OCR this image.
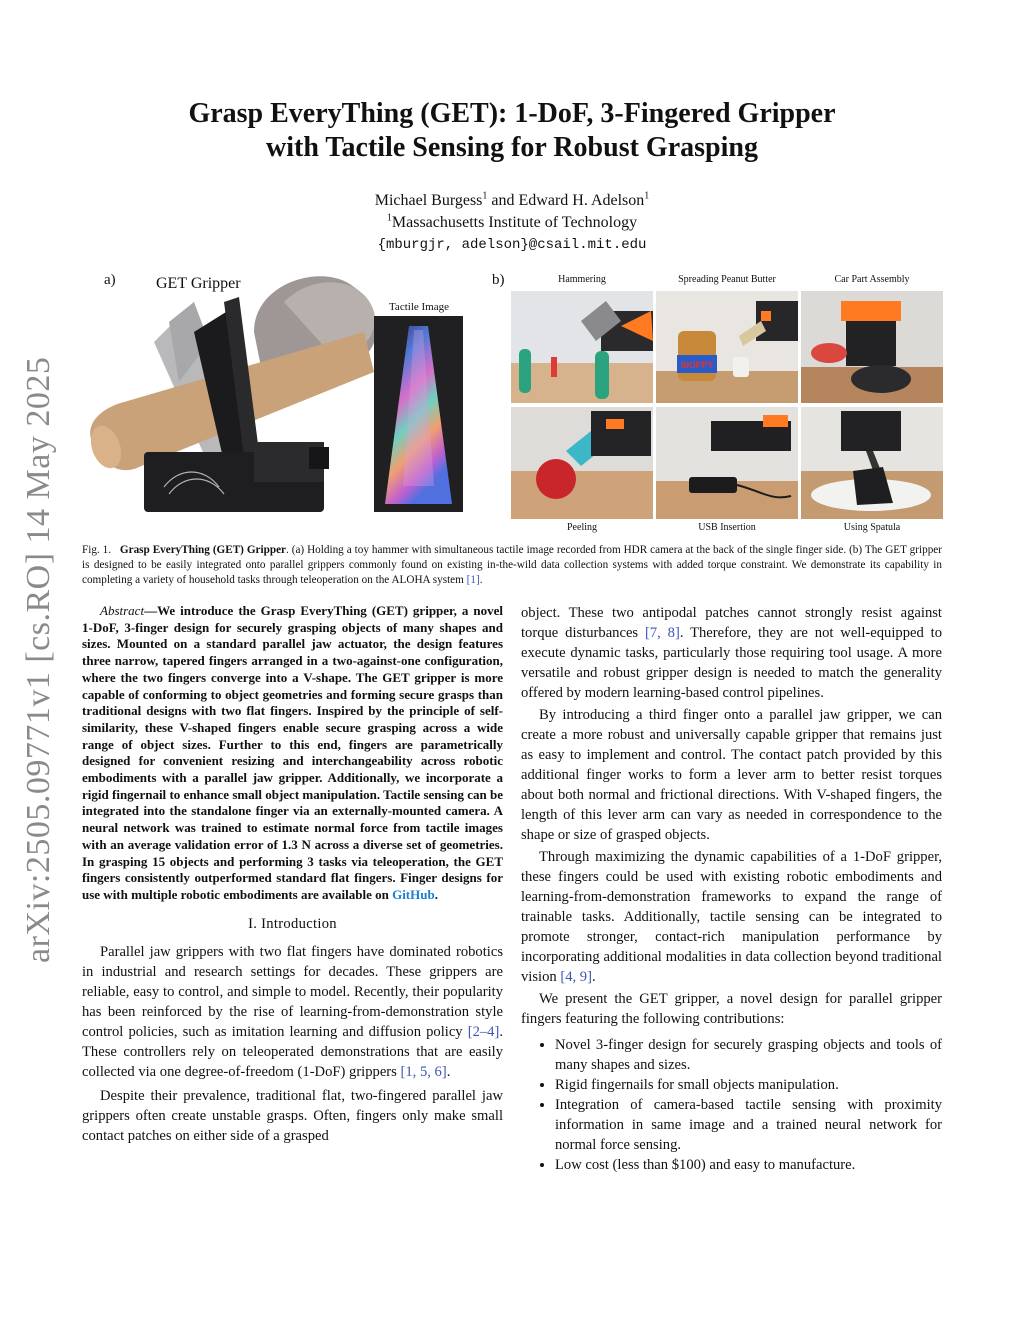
arXiv:2505.09771v1 [cs.RO] 14 May 2025
Grasp EveryThing (GET): 1-DoF, 3-Fingered Gripper
with Tactile Sensing for Robust Grasping
Michael Burgess$^1$ and Edward H. Adelson$^1$
$^1$Massachusetts Institute of Technology
{mburgjr, adelson}@csail.mit.edu
a)	GET Gripper
Tactile Image
b)	Hammering	Spreading Peanut Butter	Car Part Assembly
SKIPPY
Peeling	USB Insertion	Using Spatula
Fig. 1. Grasp EveryThing (GET) Gripper. (a) Holding a toy hammer with simultaneous tactile image recorded from HDR camera at the back of the single finger side. (b) The GET gripper is designed to be easily integrated onto parallel grippers commonly found on existing in-the-wild data collection systems with added torque constraint. We demonstrate its capability in completing a variety of household tasks through teleoperation on the ALOHA system [1].

Abstract—We introduce the Grasp EveryThing (GET) gripper, a novel 1-DoF, 3-finger design for securely grasping objects of many shapes and sizes. Mounted on a standard parallel jaw actuator, the design features three narrow, tapered fingers arranged in a two-against-one configuration, where the two fingers converge into a V-shape. The GET gripper is more capable of conforming to object geometries and forming secure grasps than traditional designs with two flat fingers. Inspired by the principle of self-similarity, these V-shaped fingers enable secure grasping across a wide range of object sizes. Further to this end, fingers are parametrically designed for convenient resizing and interchangeability across robotic embodiments with a parallel jaw gripper. Additionally, we incorporate a rigid fingernail to enhance small object manipulation. Tactile sensing can be integrated into the standalone finger via an externally-mounted camera. A neural network was trained to estimate normal force from tactile images with an average validation error of 1.3 N across a diverse set of geometries. In grasping 15 objects and performing 3 tasks via teleoperation, the GET fingers consistently outperformed standard flat fingers. Finger designs for use with multiple robotic embodiments are available on GitHub.

I. Introduction

Parallel jaw grippers with two flat fingers have dominated robotics in industrial and research settings for decades. These grippers are reliable, easy to control, and simple to model. Recently, their popularity has been reinforced by the rise of learning-from-demonstration style control policies, such as imitation learning and diffusion policy [2–4]. These controllers rely on teleoperated demonstrations that are easily collected via one degree-of-freedom (1-DoF) grippers [1, 5, 6].

Despite their prevalence, traditional flat, two-fingered parallel jaw grippers often create unstable grasps. Often, fingers only make small contact patches on either side of a grasped

object. These two antipodal patches cannot strongly resist against torque disturbances [7, 8]. Therefore, they are not well-equipped to execute dynamic tasks, particularly those requiring tool usage. A more versatile and robust gripper design is needed to match the generality offered by modern learning-based control pipelines.

By introducing a third finger onto a parallel jaw gripper, we can create a more robust and universally capable gripper that remains just as easy to implement and control. The contact patch provided by this additional finger works to form a lever arm to better resist torques about both normal and frictional directions. With V-shaped fingers, the length of this lever arm can vary as needed in correspondence to the shape or size of grasped objects.

Through maximizing the dynamic capabilities of a 1-DoF gripper, these fingers could be used with existing robotic embodiments and learning-from-demonstration frameworks to expand the range of trainable tasks. Additionally, tactile sensing can be integrated to promote stronger, contact-rich manipulation performance by incorporating additional modalities in data collection beyond traditional vision [4, 9].

We present the GET gripper, a novel design for parallel gripper fingers featuring the following contributions:

• Novel 3-finger design for securely grasping objects and tools of many shapes and sizes.
• Rigid fingernails for small objects manipulation.
• Integration of camera-based tactile sensing with proximity information in same image and a trained neural network for normal force sensing.
• Low cost (less than $100) and easy to manufacture.
